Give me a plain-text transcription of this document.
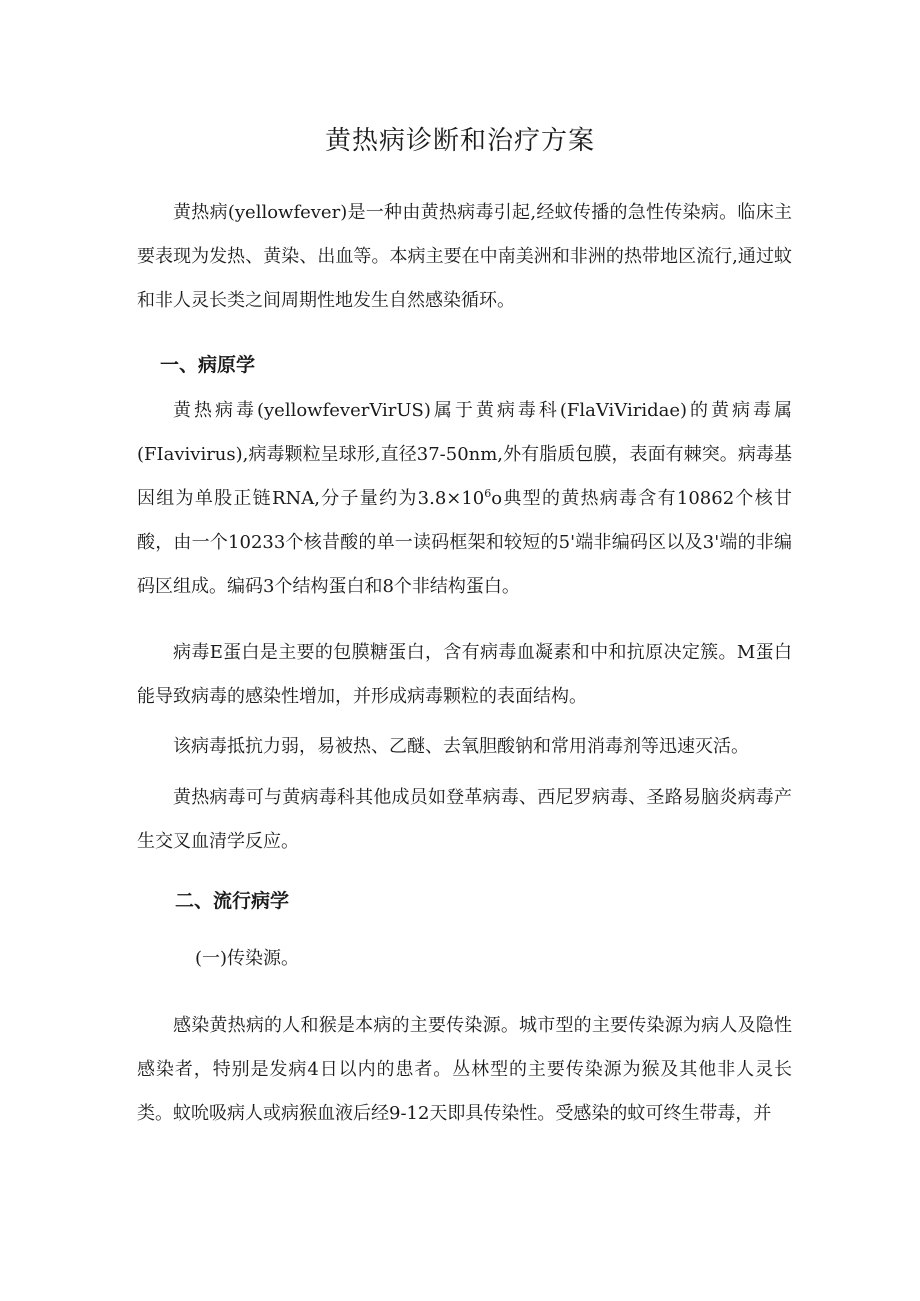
黄热病诊断和治疗方案

黄热病(yellowfever)是一种由黄热病毒引起,经蚊传播的急性传染病。临床主要表现为发热、黄染、出血等。本病主要在中南美洲和非洲的热带地区流行,通过蚊和非人灵长类之间周期性地发生自然感染循环。

一、病原学

黄热病毒(yellowfeverVirUS)属于黄病毒科(FlaViViridae)的黄病毒属(FIavivirus),病毒颗粒呈球形,直径37-50nm,外有脂质包膜，表面有棘突。病毒基因组为单股正链RNA,分子量约为$3.8\times 10^6o$典型的黄热病毒含有10862个核甘酸，由一个10233个核昔酸的单一读码框架和较短的5'端非编码区以及3'端的非编码区组成。编码3个结构蛋白和8个非结构蛋白。

病毒E蛋白是主要的包膜糖蛋白，含有病毒血凝素和中和抗原决定簇。M蛋白能导致病毒的感染性增加，并形成病毒颗粒的表面结构。

该病毒抵抗力弱，易被热、乙醚、去氧胆酸钠和常用消毒剂等迅速灭活。

黄热病毒可与黄病毒科其他成员如登革病毒、西尼罗病毒、圣路易脑炎病毒产生交叉血清学反应。

二、流行病学

(一)传染源。

感染黄热病的人和猴是本病的主要传染源。城市型的主要传染源为病人及隐性感染者，特别是发病4日以内的患者。丛林型的主要传染源为猴及其他非人灵长类。蚊吮吸病人或病猴血液后经9-12天即具传染性。受感染的蚊可终生带毒，并
